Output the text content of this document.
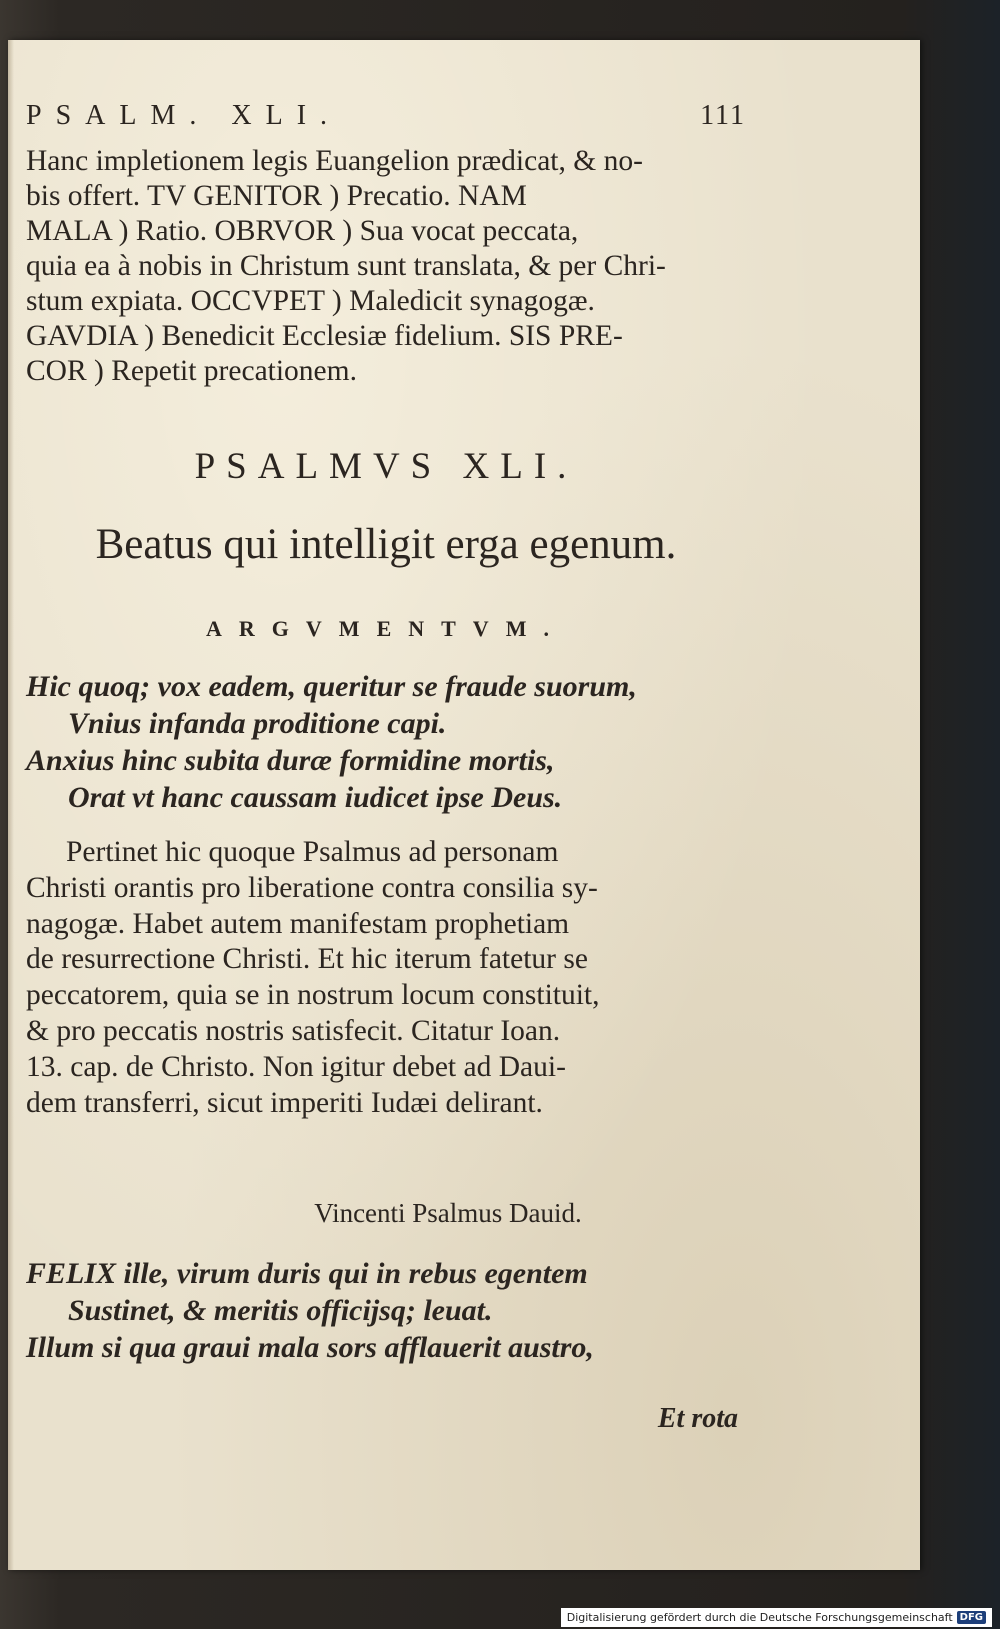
PSALM. XLI.	111
Hanc impletionem legis Euangelion prædicat, & no-
bis offert. TV GENITOR ) Precatio. NAM
MALA ) Ratio. OBRVOR ) Sua vocat peccata,
quia ea à nobis in Christum sunt translata, & per Chri-
stum expiata. OCCVPET ) Maledicit synagogæ.
GAVDIA ) Benedicit Ecclesiæ fidelium. SIS PRE-
COR ) Repetit precationem.
PSALMVS XLI.
Beatus qui intelligit erga egenum.
ARGVMENTVM.
Hic quoq; vox eadem, queritur se fraude suorum,
Vnius infanda proditione capi.
Anxius hinc subita duræ formidine mortis,
Orat vt hanc caussam iudicet ipse Deus.
Pertinet hic quoque Psalmus ad personam
Christi orantis pro liberatione contra consilia sy-
nagogæ. Habet autem manifestam prophetiam
de resurrectione Christi. Et hic iterum fatetur se
peccatorem, quia se in nostrum locum constituit,
& pro peccatis nostris satisfecit. Citatur Ioan.
13. cap. de Christo. Non igitur debet ad Daui-
dem transferri, sicut imperiti Iudæi delirant.
Vincenti Psalmus Dauid.
FELIX ille, virum duris qui in rebus egentem
Sustinet, & meritis officijsq; leuat.
Illum si qua graui mala sors afflauerit austro,
Et rota
Digitalisierung gefördert durch die Deutsche Forschungsgemeinschaft DFG
